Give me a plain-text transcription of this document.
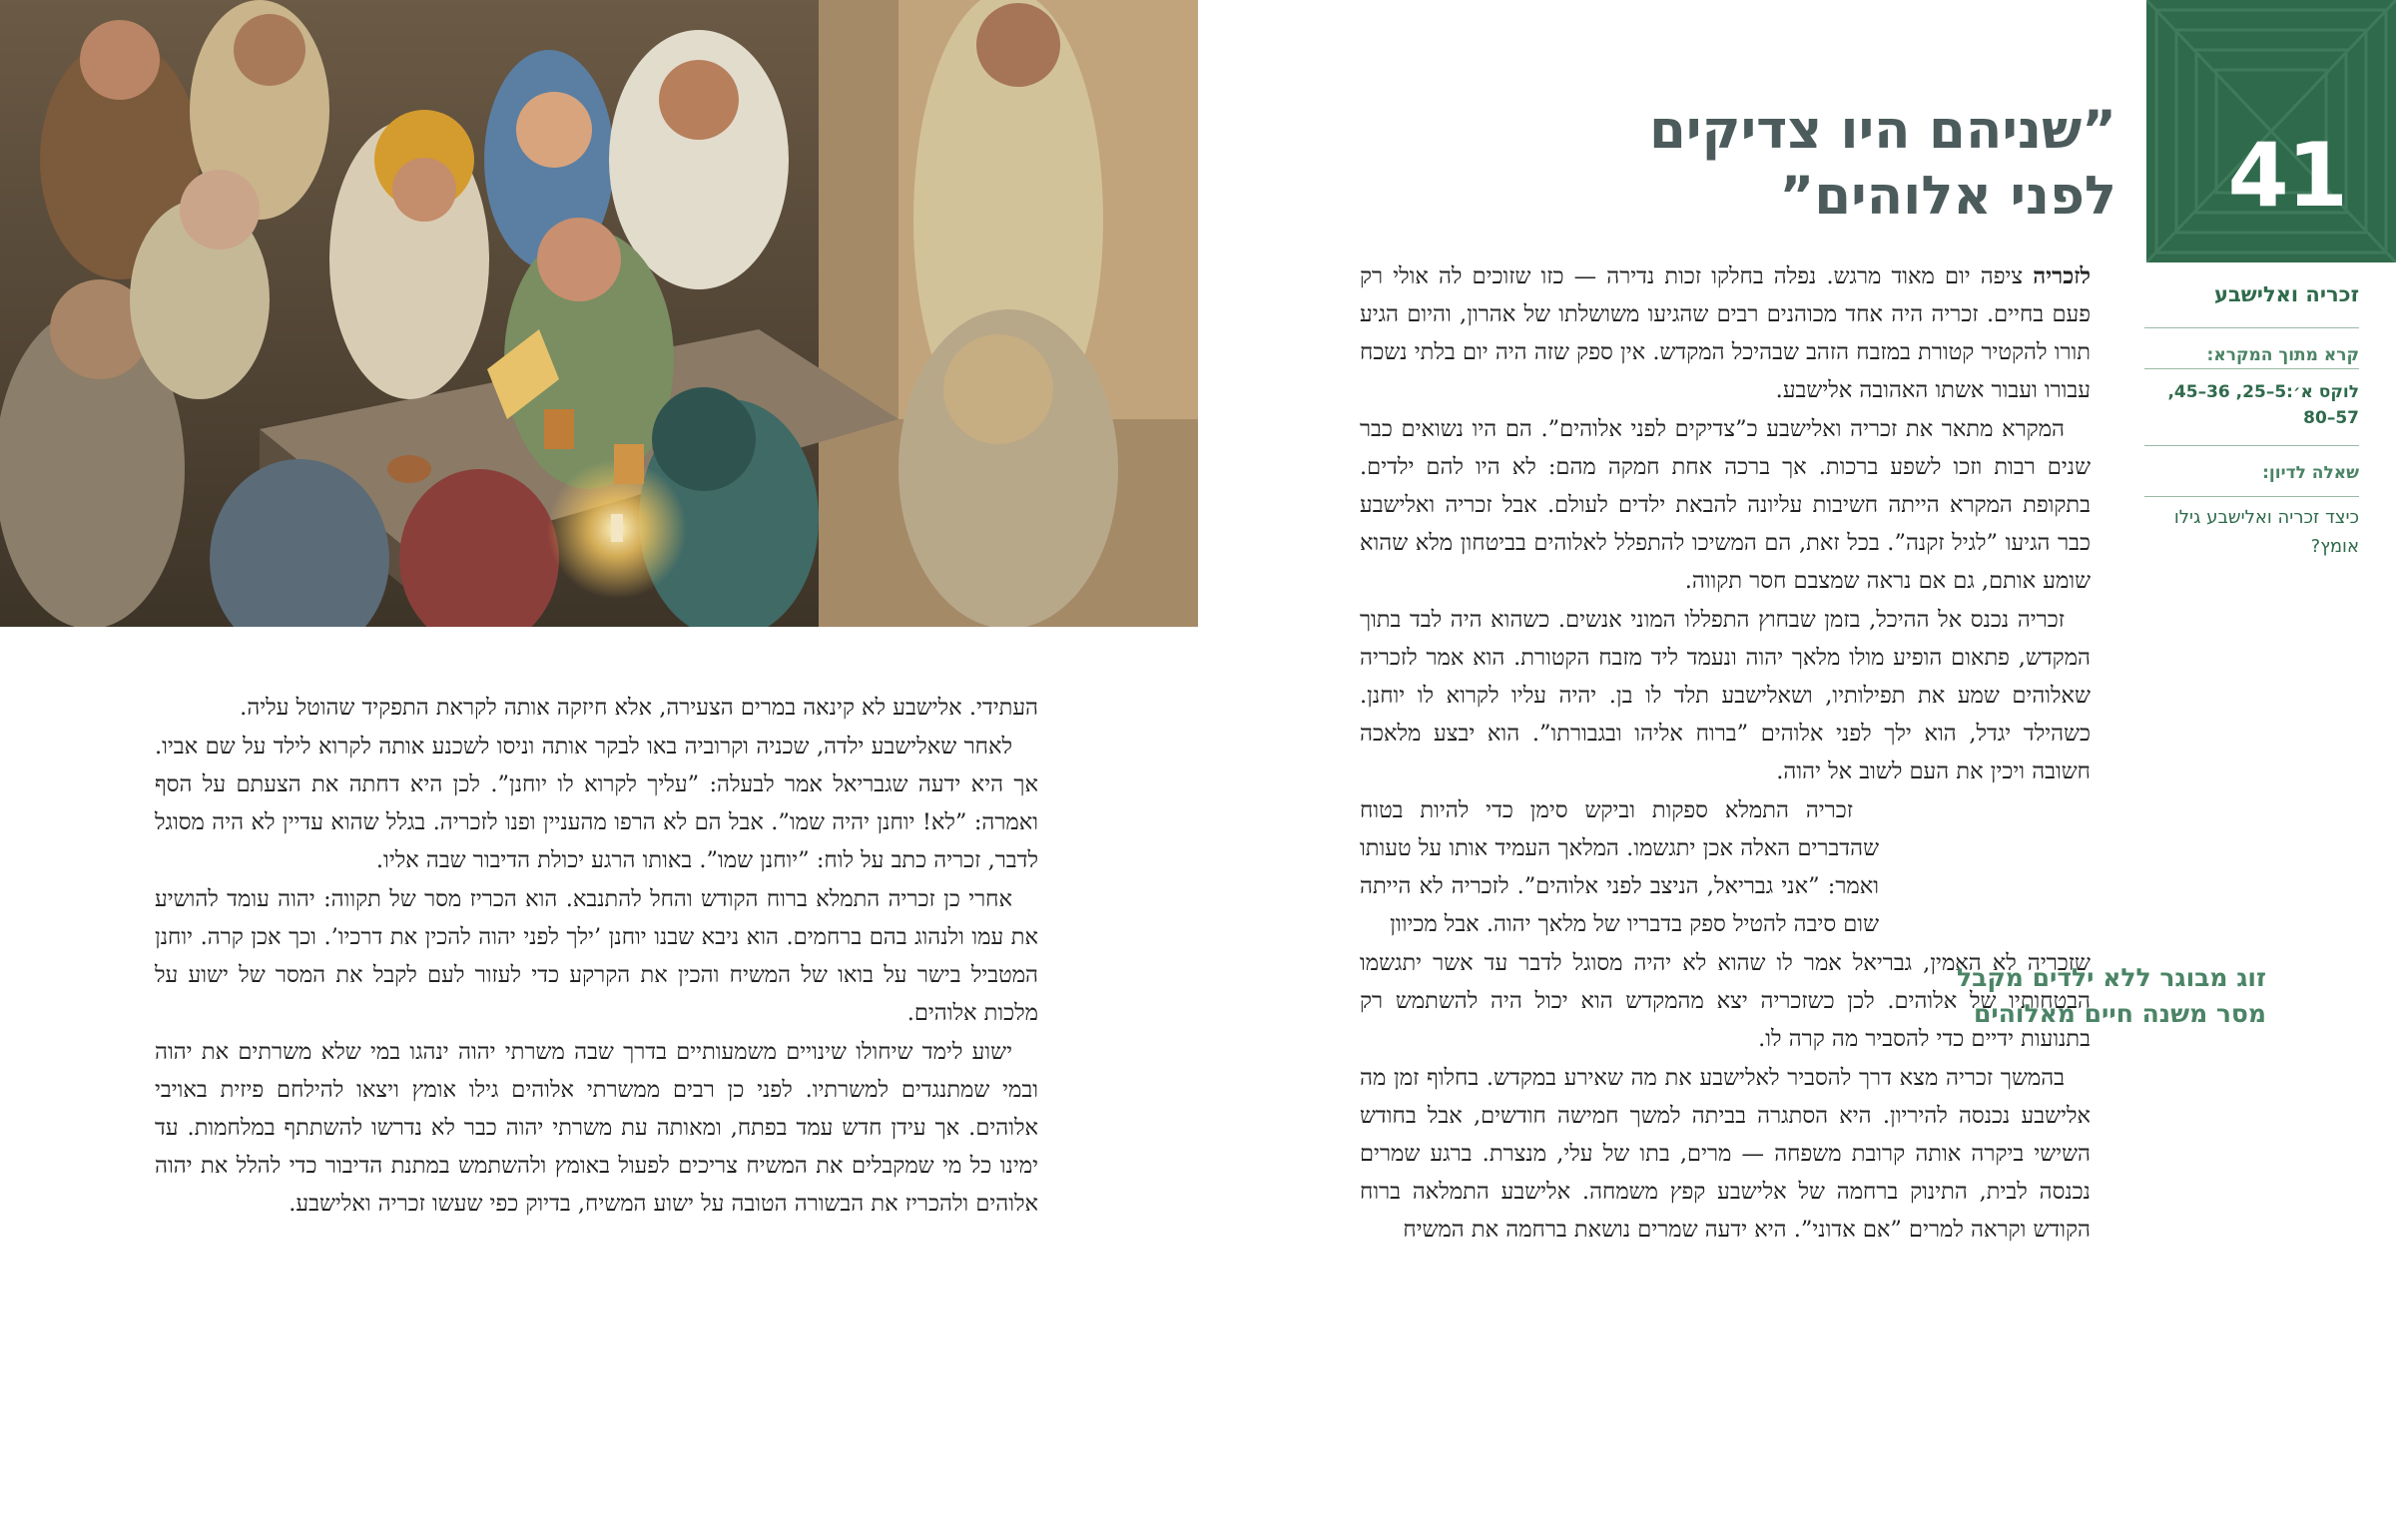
העתידי. אלישבע לא קינאה במרים הצעירה, אלא חיזקה אותה לקראת התפקיד שהוטל עליה.

לאחר שאלישבע ילדה, שכניה וקרוביה באו לבקר אותה וניסו לשכנע אותה לקרוא לילד על שם אביו. אך היא ידעה שגבריאל אמר לבעלה: ”עליך לקרוא לו יוחנן”. לכן היא דחתה את הצעתם על הסף ואמרה: ”לא! יוחנן יהיה שמו”. אבל הם לא הרפו מהעניין ופנו לזכריה. בגלל שהוא עדיין לא היה מסוגל לדבר, זכריה כתב על לוח: ”יוחנן שמו”. באותו הרגע יכולת הדיבור שבה אליו.

אחרי כן זכריה התמלא ברוח הקודש והחל להתנבא. הוא הכריז מסר של תקווה: יהוה עומד להושיע את עמו ולנהוג בהם ברחמים. הוא ניבא שבנו יוחנן ’ילך לפני יהוה להכין את דרכיו’. וכך אכן קרה. יוחנן המטביל בישר על בואו של המשיח והכין את הקרקע כדי לעזור לעם לקבל את המסר של ישוע על מלכות אלוהים.

ישוע לימד שיחולו שינויים משמעותיים בדרך שבה משרתי יהוה ינהגו במי שלא משרתים את יהוה ובמי שמתנגדים למשרתיו. לפני כן רבים ממשרתי אלוהים גילו אומץ ויצאו להילחם פיזית באויבי אלוהים. אך עידן חדש עמד בפתח, ומאותה עת משרתי יהוה כבר לא נדרשו להשתתף במלחמות. עד ימינו כל מי שמקבלים את המשיח צריכים לפעול באומץ ולהשתמש במתנת הדיבור כדי להלל את יהוה אלוהים ולהכריז את הבשורה הטובה על ישוע המשיח, בדיוק כפי שעשו זכריה ואלישבע.

41
”שניהם היו צדיקים
לפני אלוהים”
זכריה ואלישבע
קרא מתוך המקרא:
לוקס א׳:5–25, 36–45, 57–80
שאלה לדיון:
כיצד זכריה ואלישבע גילו אומץ?

לזכריה ציפה יום מאוד מרגש. נפלה בחלקו זכות נדירה — כזו שזוכים לה אולי רק פעם בחיים. זכריה היה אחד מכוהנים רבים שהגיעו משושלתו של אהרון, והיום הגיע תורו להקטיר קטורת במזבח הזהב שבהיכל המקדש. אין ספק שזה היה יום בלתי נשכח עבורו ועבור אשתו האהובה אלישבע.

המקרא מתאר את זכריה ואלישבע כ”צדיקים לפני אלוהים”. הם היו נשואים כבר שנים רבות וזכו לשפע ברכות. אך ברכה אחת חמקה מהם: לא היו להם ילדים. בתקופת המקרא הייתה חשיבות עליונה להבאת ילדים לעולם. אבל זכריה ואלישבע כבר הגיעו ”לגיל זקנה”. בכל זאת, הם המשיכו להתפלל לאלוהים בביטחון מלא שהוא שומע אותם, גם אם נראה שמצבם חסר תקווה.

זכריה נכנס אל ההיכל, בזמן שבחוץ התפללו המוני אנשים. כשהוא היה לבד בתוך המקדש, פתאום הופיע מולו מלאך יהוה ונעמד ליד מזבח הקטורת. הוא אמר לזכריה שאלוהים שמע את תפילותיו, ושאלישבע תלד לו בן. יהיה עליו לקרוא לו יוחנן. כשהילד יגדל, הוא ילך לפני אלוהים ”ברוח אליהו ובגבורתו”. הוא יבצע מלאכה חשובה ויכין את העם לשוב אל יהוה.

זכריה התמלא ספקות וביקש סימן כדי להיות בטוח שהדברים האלה אכן יתגשמו. המלאך העמיד אותו על טעותו ואמר: ”אני גבריאל, הניצב לפני אלוהים”. לזכריה לא הייתה שום סיבה להטיל ספק בדבריו של מלאך יהוה. אבל מכיוון

שזכריה לא האמין, גבריאל אמר לו שהוא לא יהיה מסוגל לדבר עד אשר יתגשמו הבטחותיו של אלוהים. לכן כשזכריה יצא מהמקדש הוא יכול היה להשתמש רק בתנועות ידיים כדי להסביר מה קרה לו.

בהמשך זכריה מצא דרך להסביר לאלישבע את מה שאירע במקדש. בחלוף זמן מה אלישבע נכנסה להיריון. היא הסתגרה בביתה למשך חמישה חודשים, אבל בחודש השישי ביקרה אותה קרובת משפחה — מרים, בתו של עלי, מנצרת. ברגע שמרים נכנסה לבית, התינוק ברחמה של אלישבע קפץ משמחה. אלישבע התמלאה ברוח הקודש וקראה למרים ”אם אדוני”. היא ידעה שמרים נושאת ברחמה את המשיח

זוג מבוגר ללא ילדים מקבל מסר משנה חיים מאלוהים
